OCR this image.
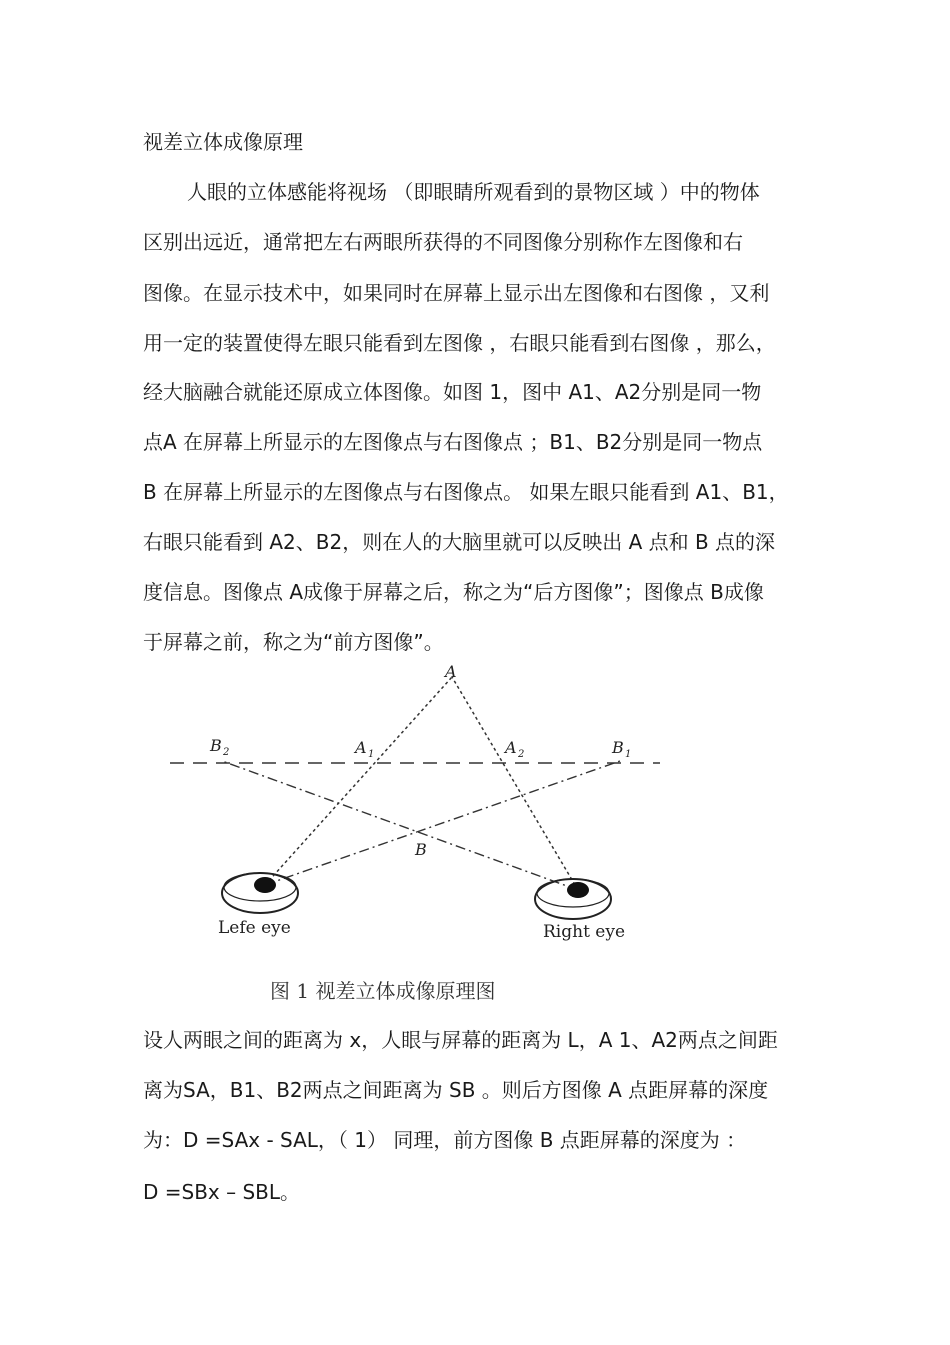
视差立体成像原理
人眼的立体感能将视场 （即眼睛所观看到的景物区域 ）中的物体
区别出远近，通常把左右两眼所获得的不同图像分别称作左图像和右
图像。在显示技术中，如果同时在屏幕上显示出左图像和右图像 ，又利
用一定的装置使得左眼只能看到左图像 ，右眼只能看到右图像 ，那么，
经大脑融合就能还原成立体图像。如图 1，图中 A1、A2分别是同一物
点A 在屏幕上所显示的左图像点与右图像点 ；B1、B2分别是同一物点
B 在屏幕上所显示的左图像点与右图像点。 如果左眼只能看到 A1、B1，
右眼只能看到 A2、B2，则在人的大脑里就可以反映出 A 点和 B 点的深
度信息。图像点 A成像于屏幕之后，称之为“后方图像”；图像点 B成像
于屏幕之前，称之为“前方图像”。
A
B
A 1	A 2	B 1
B 2
Lefe eye	Right eye
图 1 视差立体成像原理图
设人两眼之间的距离为 x，人眼与屏幕的距离为 L，A 1、A2两点之间距
离为SA，B1、B2两点之间距离为 SB 。则后方图像 A 点距屏幕的深度
为：D =SAx - SAL，（ 1） 同理，前方图像 B 点距屏幕的深度为 ：
D =SBx – SBL。
